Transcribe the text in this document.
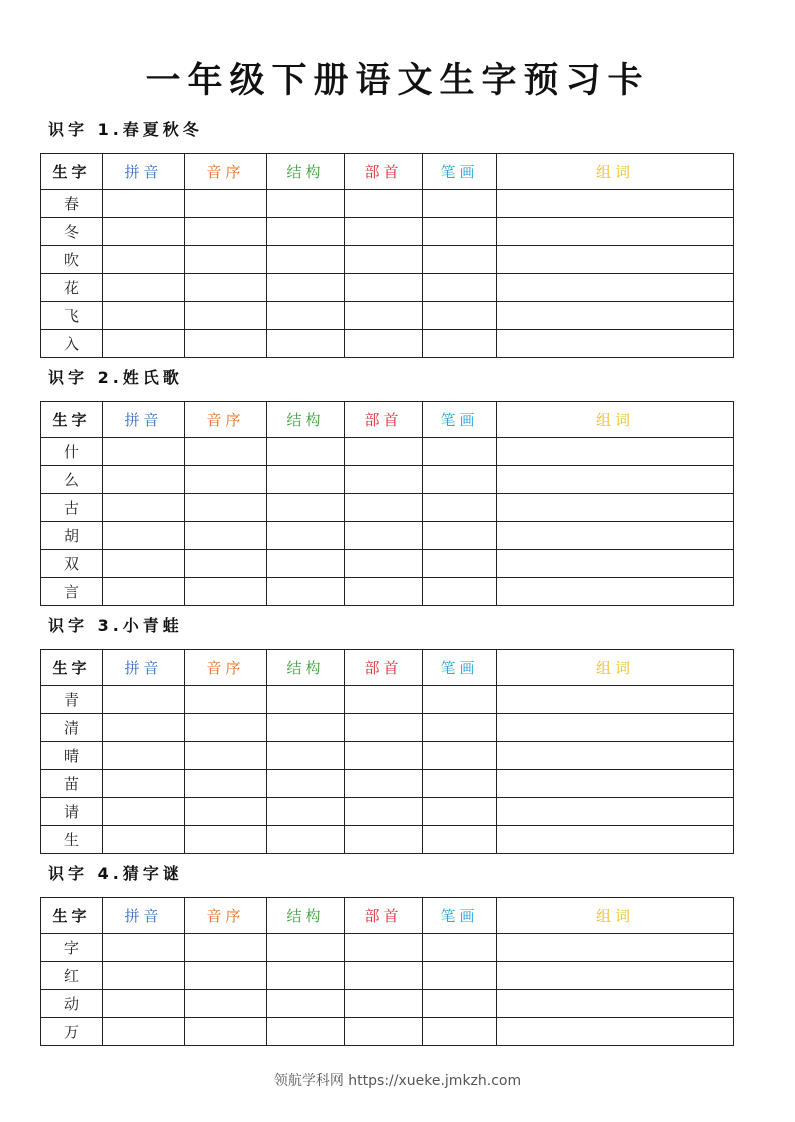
一年级下册语文生字预习卡
识字 1.春夏秋冬
生字	拼音	音序	结构	部首	笔画	组词
春						
冬						
吹						
花						
飞						
入						
识字 2.姓氏歌
生字	拼音	音序	结构	部首	笔画	组词
什						
么						
古						
胡						
双						
言						
识字 3.小青蛙
生字	拼音	音序	结构	部首	笔画	组词
青						
清						
晴						
苗						
请						
生						
识字 4.猜字谜
生字	拼音	音序	结构	部首	笔画	组词
字						
红						
动						
万						
领航学科网 https://xueke.jmkzh.com
